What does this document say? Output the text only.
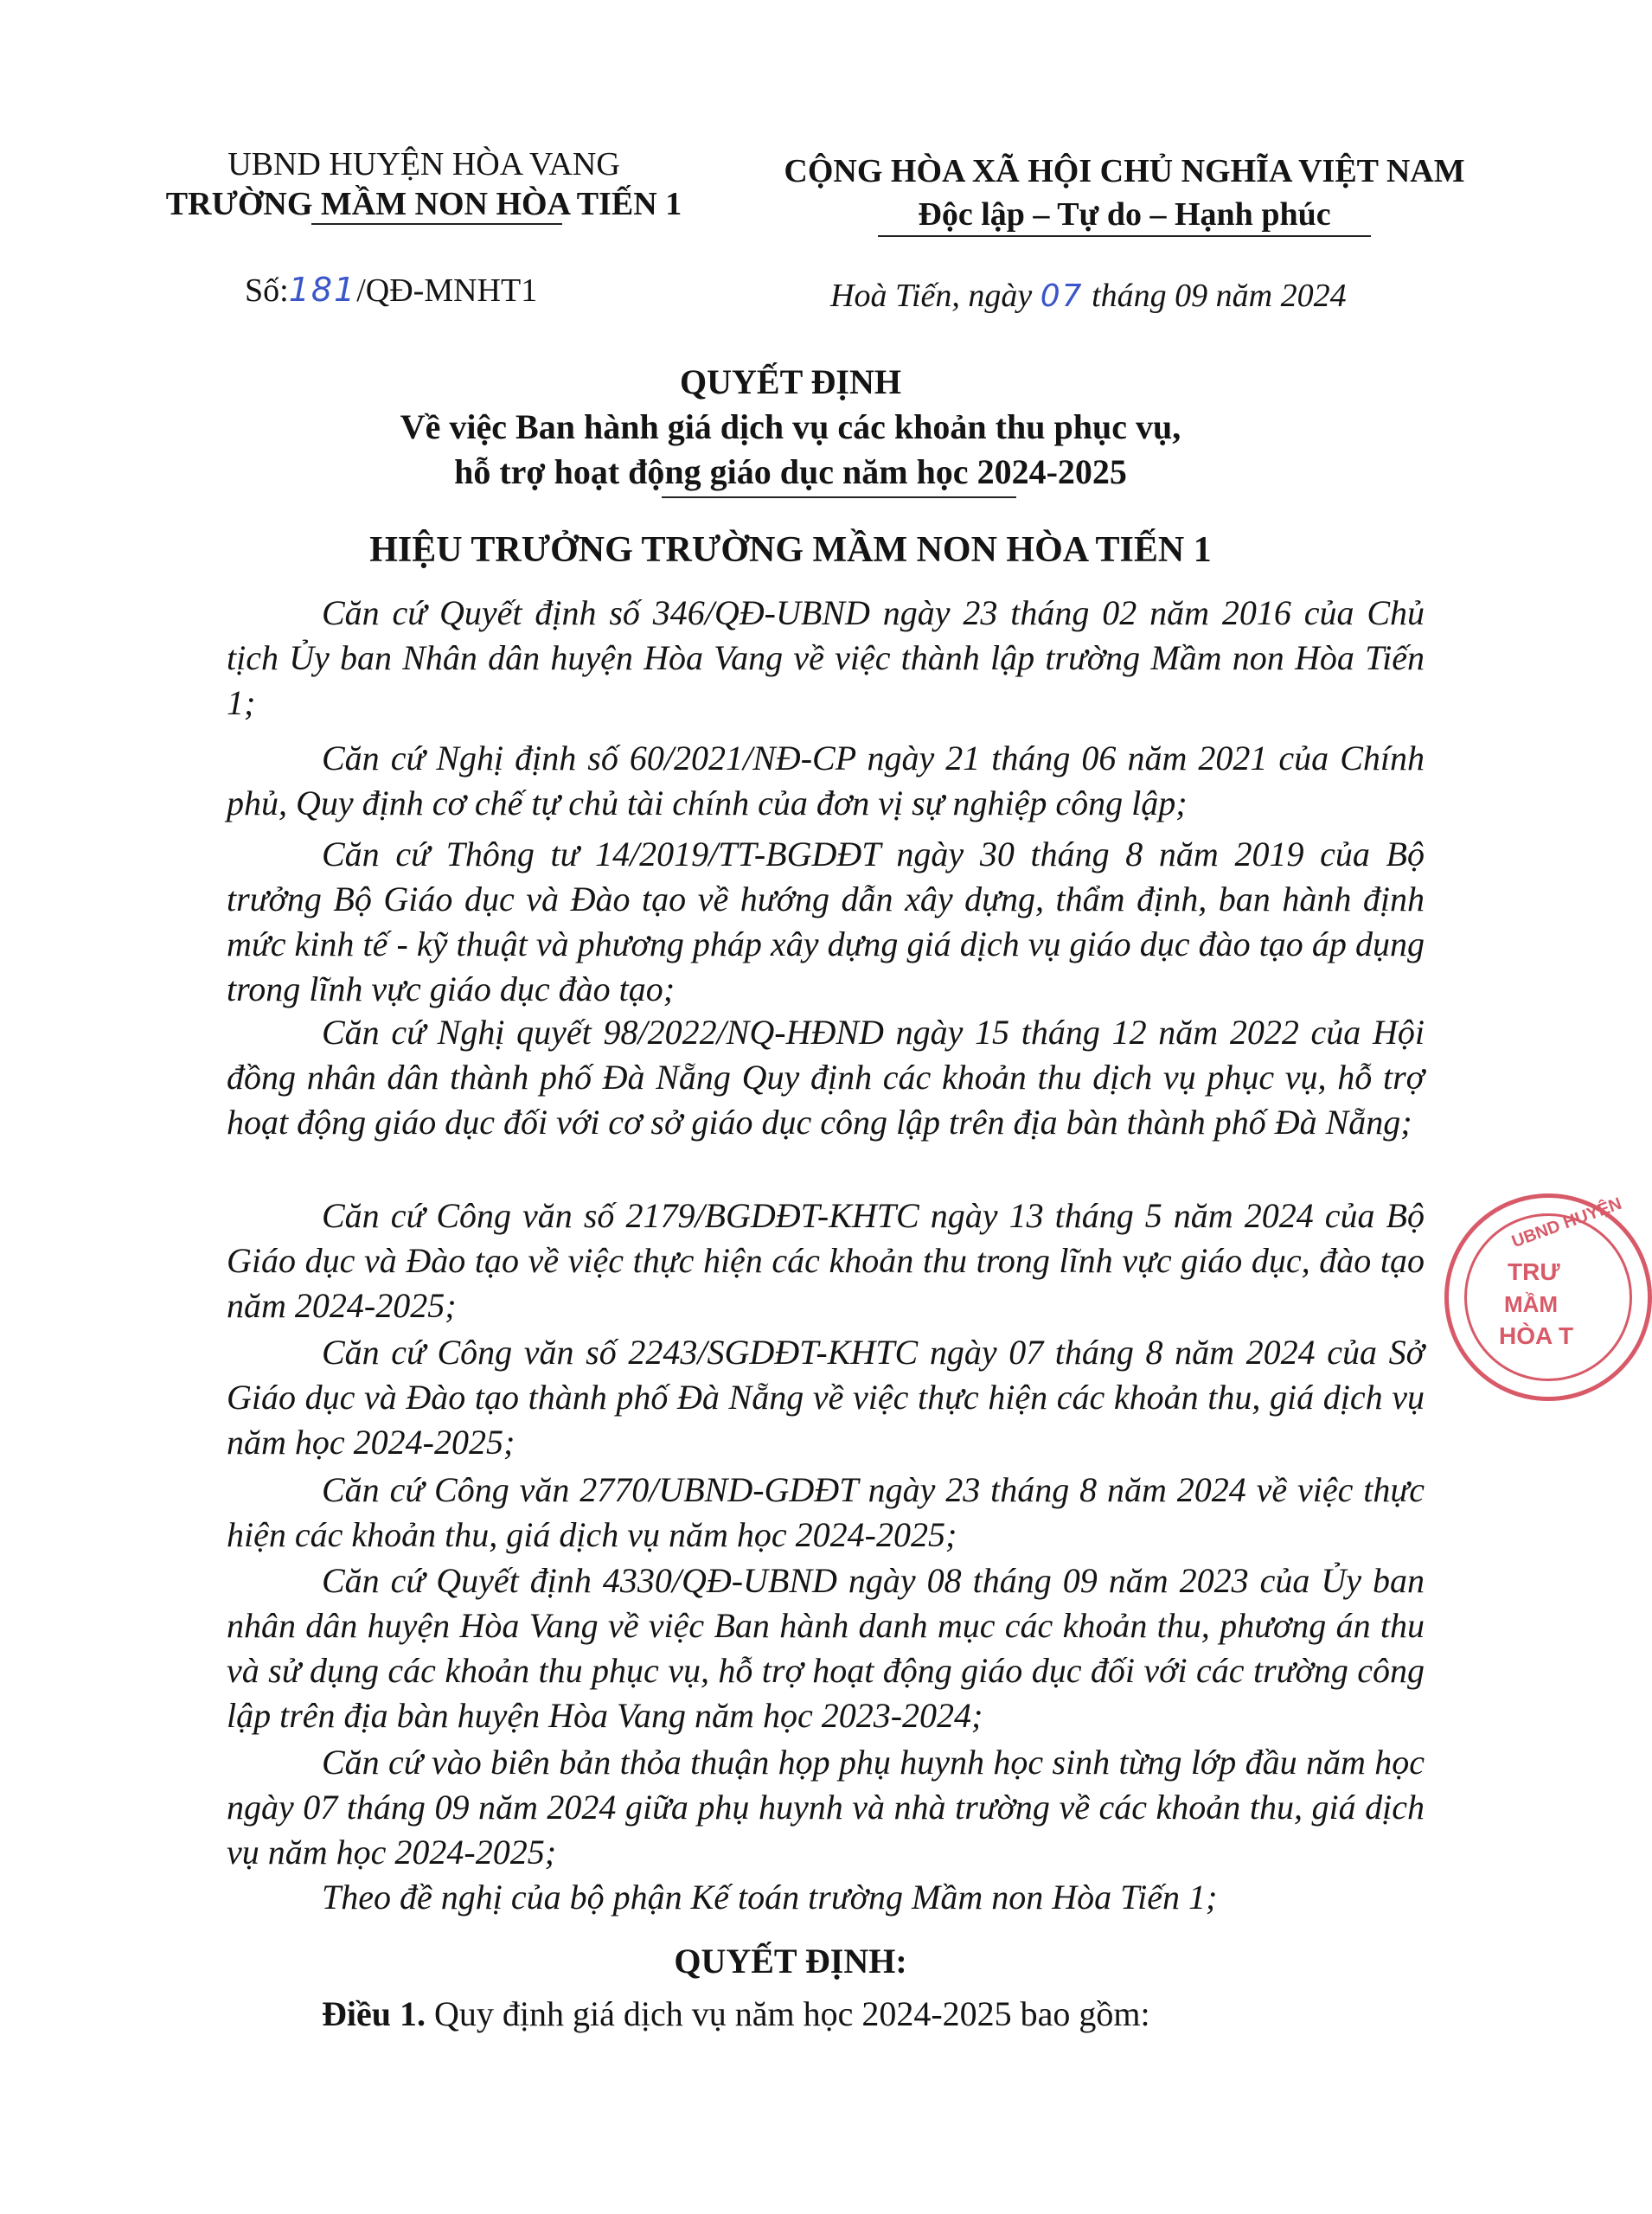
UBND HUYỆN HÒA VANG
TRƯỜNG MẦM NON HÒA TIẾN 1
CỘNG HÒA XÃ HỘI CHỦ NGHĨA VIỆT NAM
Độc lập – Tự do – Hạnh phúc
Số:181/QĐ-MNHT1	Hoà Tiến, ngày 07 tháng 09 năm 2024
QUYẾT ĐỊNH
Về việc Ban hành giá dịch vụ các khoản thu phục vụ,
hỗ trợ hoạt động giáo dục năm học 2024-2025
HIỆU TRƯỞNG TRƯỜNG MẦM NON HÒA TIẾN 1

Căn cứ Quyết định số 346/QĐ-UBND ngày 23 tháng 02 năm 2016 của Chủ tịch Ủy ban Nhân dân huyện Hòa Vang về việc thành lập trường Mầm non Hòa Tiến 1;

Căn cứ Nghị định số 60/2021/NĐ-CP ngày 21 tháng 06 năm 2021 của Chính phủ, Quy định cơ chế tự chủ tài chính của đơn vị sự nghiệp công lập;

Căn cứ Thông tư 14/2019/TT-BGDĐT ngày 30 tháng 8 năm 2019 của Bộ trưởng Bộ Giáo dục và Đào tạo về hướng dẫn xây dựng, thẩm định, ban hành định mức kinh tế - kỹ thuật và phương pháp xây dựng giá dịch vụ giáo dục đào tạo áp dụng trong lĩnh vực giáo dục đào tạo;

Căn cứ Nghị quyết 98/2022/NQ-HĐND ngày 15 tháng 12 năm 2022 của Hội đồng nhân dân thành phố Đà Nẵng Quy định các khoản thu dịch vụ phục vụ, hỗ trợ hoạt động giáo dục đối với cơ sở giáo dục công lập trên địa bàn thành phố Đà Nẵng;

Căn cứ Công văn số 2179/BGDĐT-KHTC ngày 13 tháng 5 năm 2024 của Bộ Giáo dục và Đào tạo về việc thực hiện các khoản thu trong lĩnh vực giáo dục, đào tạo năm 2024-2025;

Căn cứ Công văn số 2243/SGDĐT-KHTC ngày 07 tháng 8 năm 2024 của Sở Giáo dục và Đào tạo thành phố Đà Nẵng về việc thực hiện các khoản thu, giá dịch vụ năm học 2024-2025;

Căn cứ Công văn 2770/UBND-GDĐT ngày 23 tháng 8 năm 2024 về việc thực hiện các khoản thu, giá dịch vụ năm học 2024-2025;

Căn cứ Quyết định 4330/QĐ-UBND ngày 08 tháng 09 năm 2023 của Ủy ban nhân dân huyện Hòa Vang về việc Ban hành danh mục các khoản thu, phương án thu và sử dụng các khoản thu phục vụ, hỗ trợ hoạt động giáo dục đối với các trường công lập trên địa bàn huyện Hòa Vang năm học 2023-2024;

Căn cứ vào biên bản thỏa thuận họp phụ huynh học sinh từng lớp đầu năm học ngày 07 tháng 09 năm 2024 giữa phụ huynh và nhà trường về các khoản thu, giá dịch vụ năm học 2024-2025;

Theo đề nghị của bộ phận Kế toán trường Mầm non Hòa Tiến 1;

QUYẾT ĐỊNH:
Điều 1. Quy định giá dịch vụ năm học 2024-2025 bao gồm:
UBND HUYỆN
TRƯ
MẦM
HÒA T
